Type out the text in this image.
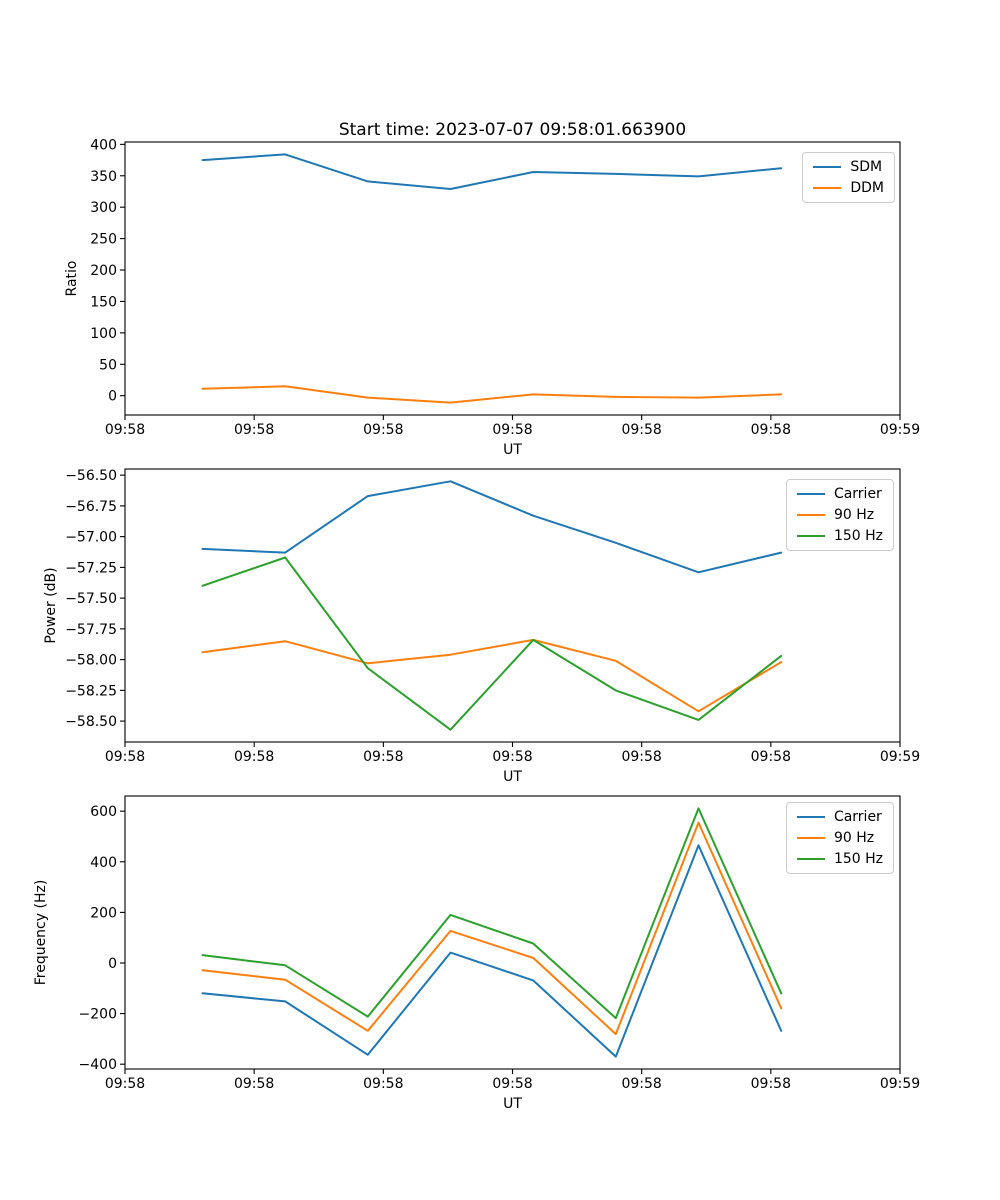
Start time: 2023-07-07 09:58:01.663900
09:58	09:58	09:58	09:58	09:58	09:58	09:59
0
50
100
150
200
250
300
350
400
UT
Ratio
09:58	09:58	09:58	09:58	09:58	09:58	09:59
−56.50
−56.75
−57.00
−57.25
−57.50
−57.75
−58.00
−58.25
−58.50
UT
Power (dB)
09:58	09:58	09:58	09:58	09:58	09:58	09:59
−400
−200
0
200
400
600
UT
Frequency (Hz)
SDM
DDM
Carrier
90 Hz
150 Hz
Carrier
90 Hz
150 Hz
